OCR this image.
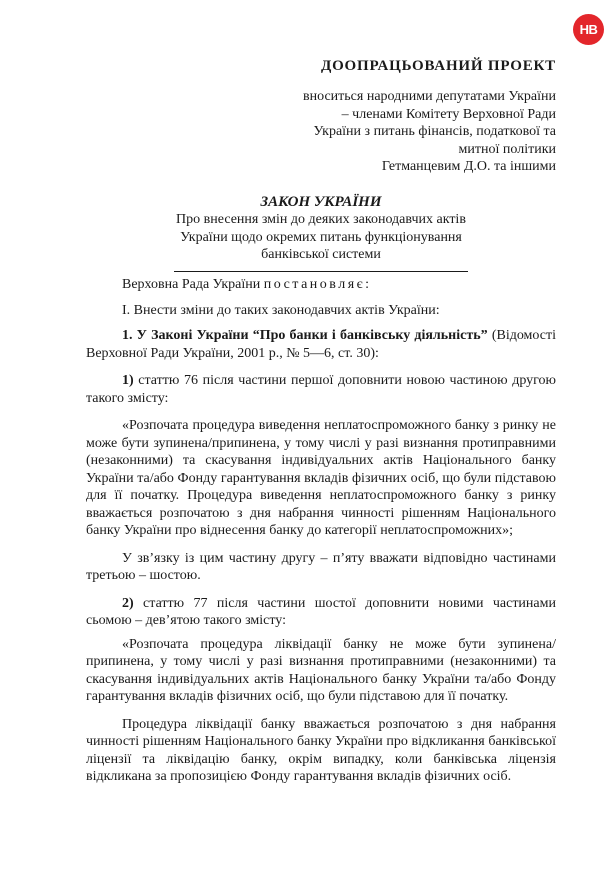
НВ
ДООПРАЦЬОВАНИЙ ПРОЕКТ
вноситься народними депутатами України
– членами Комітету Верховної Ради
України з питань фінансів, податкової та
митної політики
Гетманцевим Д.О. та іншими
ЗАКОН УКРАЇНИ
Про внесення змін до деяких законодавчих актів
України щодо окремих питань функціонування
банківської системи

Верховна Рада України постановляє:

І. Внести зміни до таких законодавчих актів України:

1. У Законі України “Про банки і банківську діяльність” (Відомості Верховної Ради України, 2001 р., № 5—6, ст. 30):

1) статтю 76 після частини першої доповнити новою частиною другою такого змісту:

«Розпочата процедура виведення неплатоспроможного банку з ринку не може бути зупинена/припинена, у тому числі у разі визнання протиправними (незаконними) та скасування індивідуальних актів Національного банку України та/або Фонду гарантування вкладів фізичних осіб, що були підставою для її початку. Процедура виведення неплатоспроможного банку з ринку вважається розпочатою з дня набрання чинності рішенням Національного банку України про віднесення банку до категорії неплатоспроможних»;

У зв’язку із цим частину другу – п’яту вважати відповідно частинами третьою – шостою.

2) статтю 77 після частини шостої доповнити новими частинами сьомою – дев’ятою такого змісту:

«Розпочата процедура ліквідації банку не може бути зупинена/припинена, у тому числі у разі визнання протиправними (незаконними) та скасування індивідуальних актів Національного банку України та/або Фонду гарантування вкладів фізичних осіб, що були підставою для її початку.

Процедура ліквідації банку вважається розпочатою з дня набрання чинності рішенням Національного банку України про відкликання банківської ліцензії та ліквідацію банку, окрім випадку, коли банківська ліцензія відкликана за пропозицією Фонду гарантування вкладів фізичних осіб.
